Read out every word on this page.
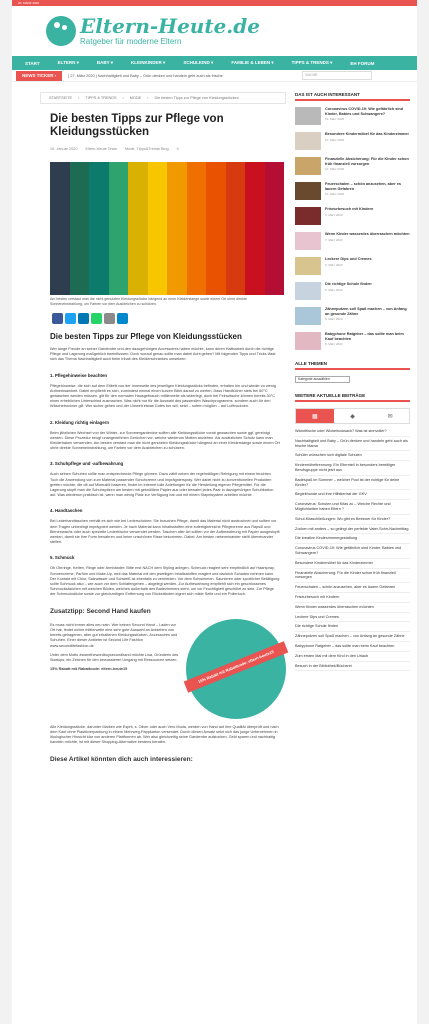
20. MÄRZ 2020
Eltern-Heute.de
Ratgeber für moderne Eltern
START	ELTERN ▾	BABY ▾	KLEINKINDER ▾	SCHULKIND ▾	FAMILIE & LEBEN ▾	TIPPS & TRENDS ▾	EH FORUM
NEWS TICKER ›	[ 27. März 2020 ] Nachhaltigkeit und Baby – Grün denken und handeln geht auch als frische	SUCHE
STARTSEITE › TIPPS & TRENDS › MODE › Die besten Tipps zur Pflege von Kleidungsstücken
Die besten Tipps zur Pflege von Kleidungsstücken
10. Januar 2020 Eltern-Heute Team Mode, Tipps&Trends Blog 0
Am besten verstaut man die nicht genutzten Kleidungsstücke hängend an einer Kleiderstange sowie einem Ort ohne direkte Sonneneinstrahlung, um Farben vor dem Ausbleichen zu schützen.
Die besten Tipps zur Pflege von Kleidungsstücken

Wer lange Freude an seiner Garderobe und den dazugehörigen Accessoires haben möchte, kann deren Haltbarkeit durch die richtige Pflege und Lagerung maßgeblich beeinflussen. Doch worauf genau sollte man dabei Acht geben? Mit folgenden Tipps und Tricks lässt sich das Thema Nachhaltigkeit auch beim Inhalt des Kleiderschrankes umsetzen:

1. Pflegehinweise beachten

Pflegehinweise, die sich auf dem Etikett von der Innenseite des jeweiligen Kleidungsstücks befinden, erhalten hin und wieder zu wenig Aufmerksamkeit. Dabei empfiehlt es sich, zumindest einmal einen kurzen Blick darauf zu werfen. Dass Handtücher stets bei 60°C gewaschen werden müssen, gilt für den normalen Hausgebrauch mittlerweile als widerlegt, doch bei Feinwäsche können bereits 30°C einen erheblichen Unterschied ausmachen. Was nicht nur für die Auswahl des passenden Waschprogramms, sondern auch für den Wäschetrockner gilt. Wer sicher gehen und der Umwelt etwas Gutes tun will, setzt – sofern möglich – auf Lufttrocknen.

2. Kleidung richtig einlagern

Beim jährlichen Wechsel von der Winter- zur Sommergarderobe sollten alle Kleidungsstücke vorab gewaschen sowie ggf. gereinigt werden. Diese Prozedur beugt unangenehmen Gerüchen vor, welche wiederum Motten anziehen. Als zusätzlichen Schutz kann man Kleiderhaken verwenden. Am besten verstaut man die nicht genutzten Kleidungsstücke hängend an einer Kleiderstange sowie einem Ort ohne direkte Sonneneinstrahlung, um Farben vor dem Ausbleichen zu schützen.

3. Schuhpflege und -aufbewahrung

Auch seinen Schuhen sollte man entsprechende Pflege gönnen. Dazu zählt neben der regelmäßigen Reinigung mit einem feuchten Tuch die Anwendung von zum Material passender Schuhcreme und Imprägnierspray. Wer dabei nicht zu konventionellen Produkten greifen möchte, die oft auf Mineralöl basieren, findet im Internet tolle Anleitungen für die Herstellung eigener Pflegemittel. Für die Lagerung stopft man die Schuhspitzen am besten mit geknülltem Papier aus oder bewahrt jedes Paar in dazugehörigen Schuhkarton auf. Was wiederum praktisch ist, wenn man wenig Platz zur Verfügung hat und mit einem Stapelsystem arbeiten möchte.

4. Handtaschen

Bei Lederhandtaschen verhält es sich wie bei Lederschuhen: Sie brauchen Pflege, damit das Material nicht austrocknet und sollten vor dem Tragen unbedingt imprägniert werden. Je nach Material kann Inhaltsstoffen eine sufertigbereiche Pflegecreme aus Rapsöl und Bienenwachs oder auch spezielle Lederfrische verwendet werden. Taschen aller Art sollten vor der Aufbewahrung mit Papier ausgestopft werden, damit sie ihre Form bewahren und keine unschönen Risse bekommen. Dabei: Am besten nebeneinander stellt übereinander stellen.

5. Schmuck

Ob Ohrringe, Ketten, Ringe oder Armbänder: Bitte erst NACH dem Styling anlegen. Schmuck reagiert sehr empfindlich auf Haarspray, Sonnencreme, Parfüm und Make-Up, weil das Material mit den jeweiligen Inhaltsstoffen reagiert und dadurch Schaden nehmen kann. Der Kontakt mit Chlor, Salzwasser und Schweiß ist ebenfalls zu vermeiden. Vor dem Schwimmen, Saunieren oder sportlicher Betätigung sollte Schmuck also – wie auch vor dem Schlafengehen – abgelegt werden. Zur Aufbewahrung empfiehlt sich ein geschlossenes Schmuckkästchen mit weichen Böden, welches außerhalb des Badezimmers steht, um vor Feuchtigkeit geschützt zu sein. Zur Pflege der Schmuckstücke sowie zur gleichzeitigen Entfernung von Rückständen eignet sich milde Seife und ein Poliertuch.

Zusatztipp: Second Hand kaufen

Es muss nicht immer alles neu sein. Wer keinen Second Hand – Laden vor Ort hat, findet online mittlerweile eine sehr gute Auswahl an Anbietern von bereits getragenen, aber gut erhaltenen Kleidungsstücken, Accessoires und Schuhen. Einer dieser Anbieter ist Second Life Fashion www.secondlifefashion.de

Unter dem Motto #sweethewordbuysecondhand möchte Lisa, Gründerin des Startups, ein Zeichen für den bewussteren Umgang mit Ressourcen setzen.

15% Rabatt mit Rabattcode: eltern-heute15	15% Rabatt mit Rabattcode: eltern-heute15

Alle Kleidungsstücke, darunter Marken wie Esprit, s. Oliver oder auch Vero Moda, werden von Hand auf ihre Qualität überprüft und nach dem Kauf ohne Plastikverpackung in einem Mehrweg-Pappkarton versendet. Durch diesen Ansatz setzt sich das junge Unternehmen in ökologischer Hinsicht klar von anderen Plattformen ab. Wer also gleichzeitig seine Garderobe aufstocken, Geld sparen und nachhaltig handeln möchte, ist mit dieser Shopping-Alternative bestens beraten.

Diese Artikel könnten dich auch interessieren:
DAS IST AUCH INTERESSANT
Coronavirus COVID-19: Wie gefährlich sind Kinder, Babies und Schwangere?
10. März 2020
Besondere Kindermöbel für das Kinderzimmer
10. März 2020
Finanzielle Absicherung: Für die Kinder schon früh finanziell vorsorgen
10. März 2020
Feuerschalen – schön anzusehen, aber es lauern Gefahren
10. März 2020
Friseurbesuch mit Kindern
6. März 2020
Wenn Kinder wasserdes überraschen möchten
7. März 2020
Leckere Dips und Cremes
6. März 2020
Die richtige Schule finden
5. März 2020
Zähneputzen soll Spaß machen – von Anfang an gesunde Zähne
5. März 2020
Babyphone Ratgeber – das sollte man beim Kauf beachten
8. März 2020
ALLE THEMEN
Kategorie auswählen
WEITERE AKTUELLE BEITRÄGE
▦	◆	✉
Wickeltische oder Wickelrucksack? Was ist sinnvoller?
Nachhaltigkeit und Baby – Grün denken und handeln geht auch als frische Mama
Schüler wünschen sich digitale Schulen
Kindermöbeltrennung: Ein Elternteil in besonders bereitliger Berufsgruppe nicht jetzt aus
Badespaß im Sommer – welcher Pool ist der richtige für deine Kinder?
Begleithunde und ihre Hilfstiertrat der GKV
Coronavirus: Schulen und Kitas zu – Welche Rechte und Möglichkeiten haben Eltern ?
Schul-Kitaschließungen: Wo gibt es Betreuer für Kinder?
Zocken mit anders – so gelingt der perfekte Vater-Sohn-Nachmittag
Die kreative Kinderzimmergestaltung
Coronavirus COVID-19: Wie gefährlich sind Kinder, Babies und Schwangere?
Besondere Kindermöbel für das Kinderzimmer
Finanzielle Absicherung: Für die Kinder schon früh finanziell vorsorgen
Feuerschalen – schön anzusehen, aber es lauern Gefahren
Friseurbesuch mit Kindern
Wenn Kinder wasserdes überraschen möchten
Leckere Dips und Cremes
Die richtige Schule finden
Zähneputzen soll Spaß machen – von Anfang an gesunde Zähne
Babyphone Ratgeber – das sollte man beim Kauf beachten
Zum ersten Mal mit dem Kind in den Urlaub
Besuch in der Bibliothek/Bücherei
